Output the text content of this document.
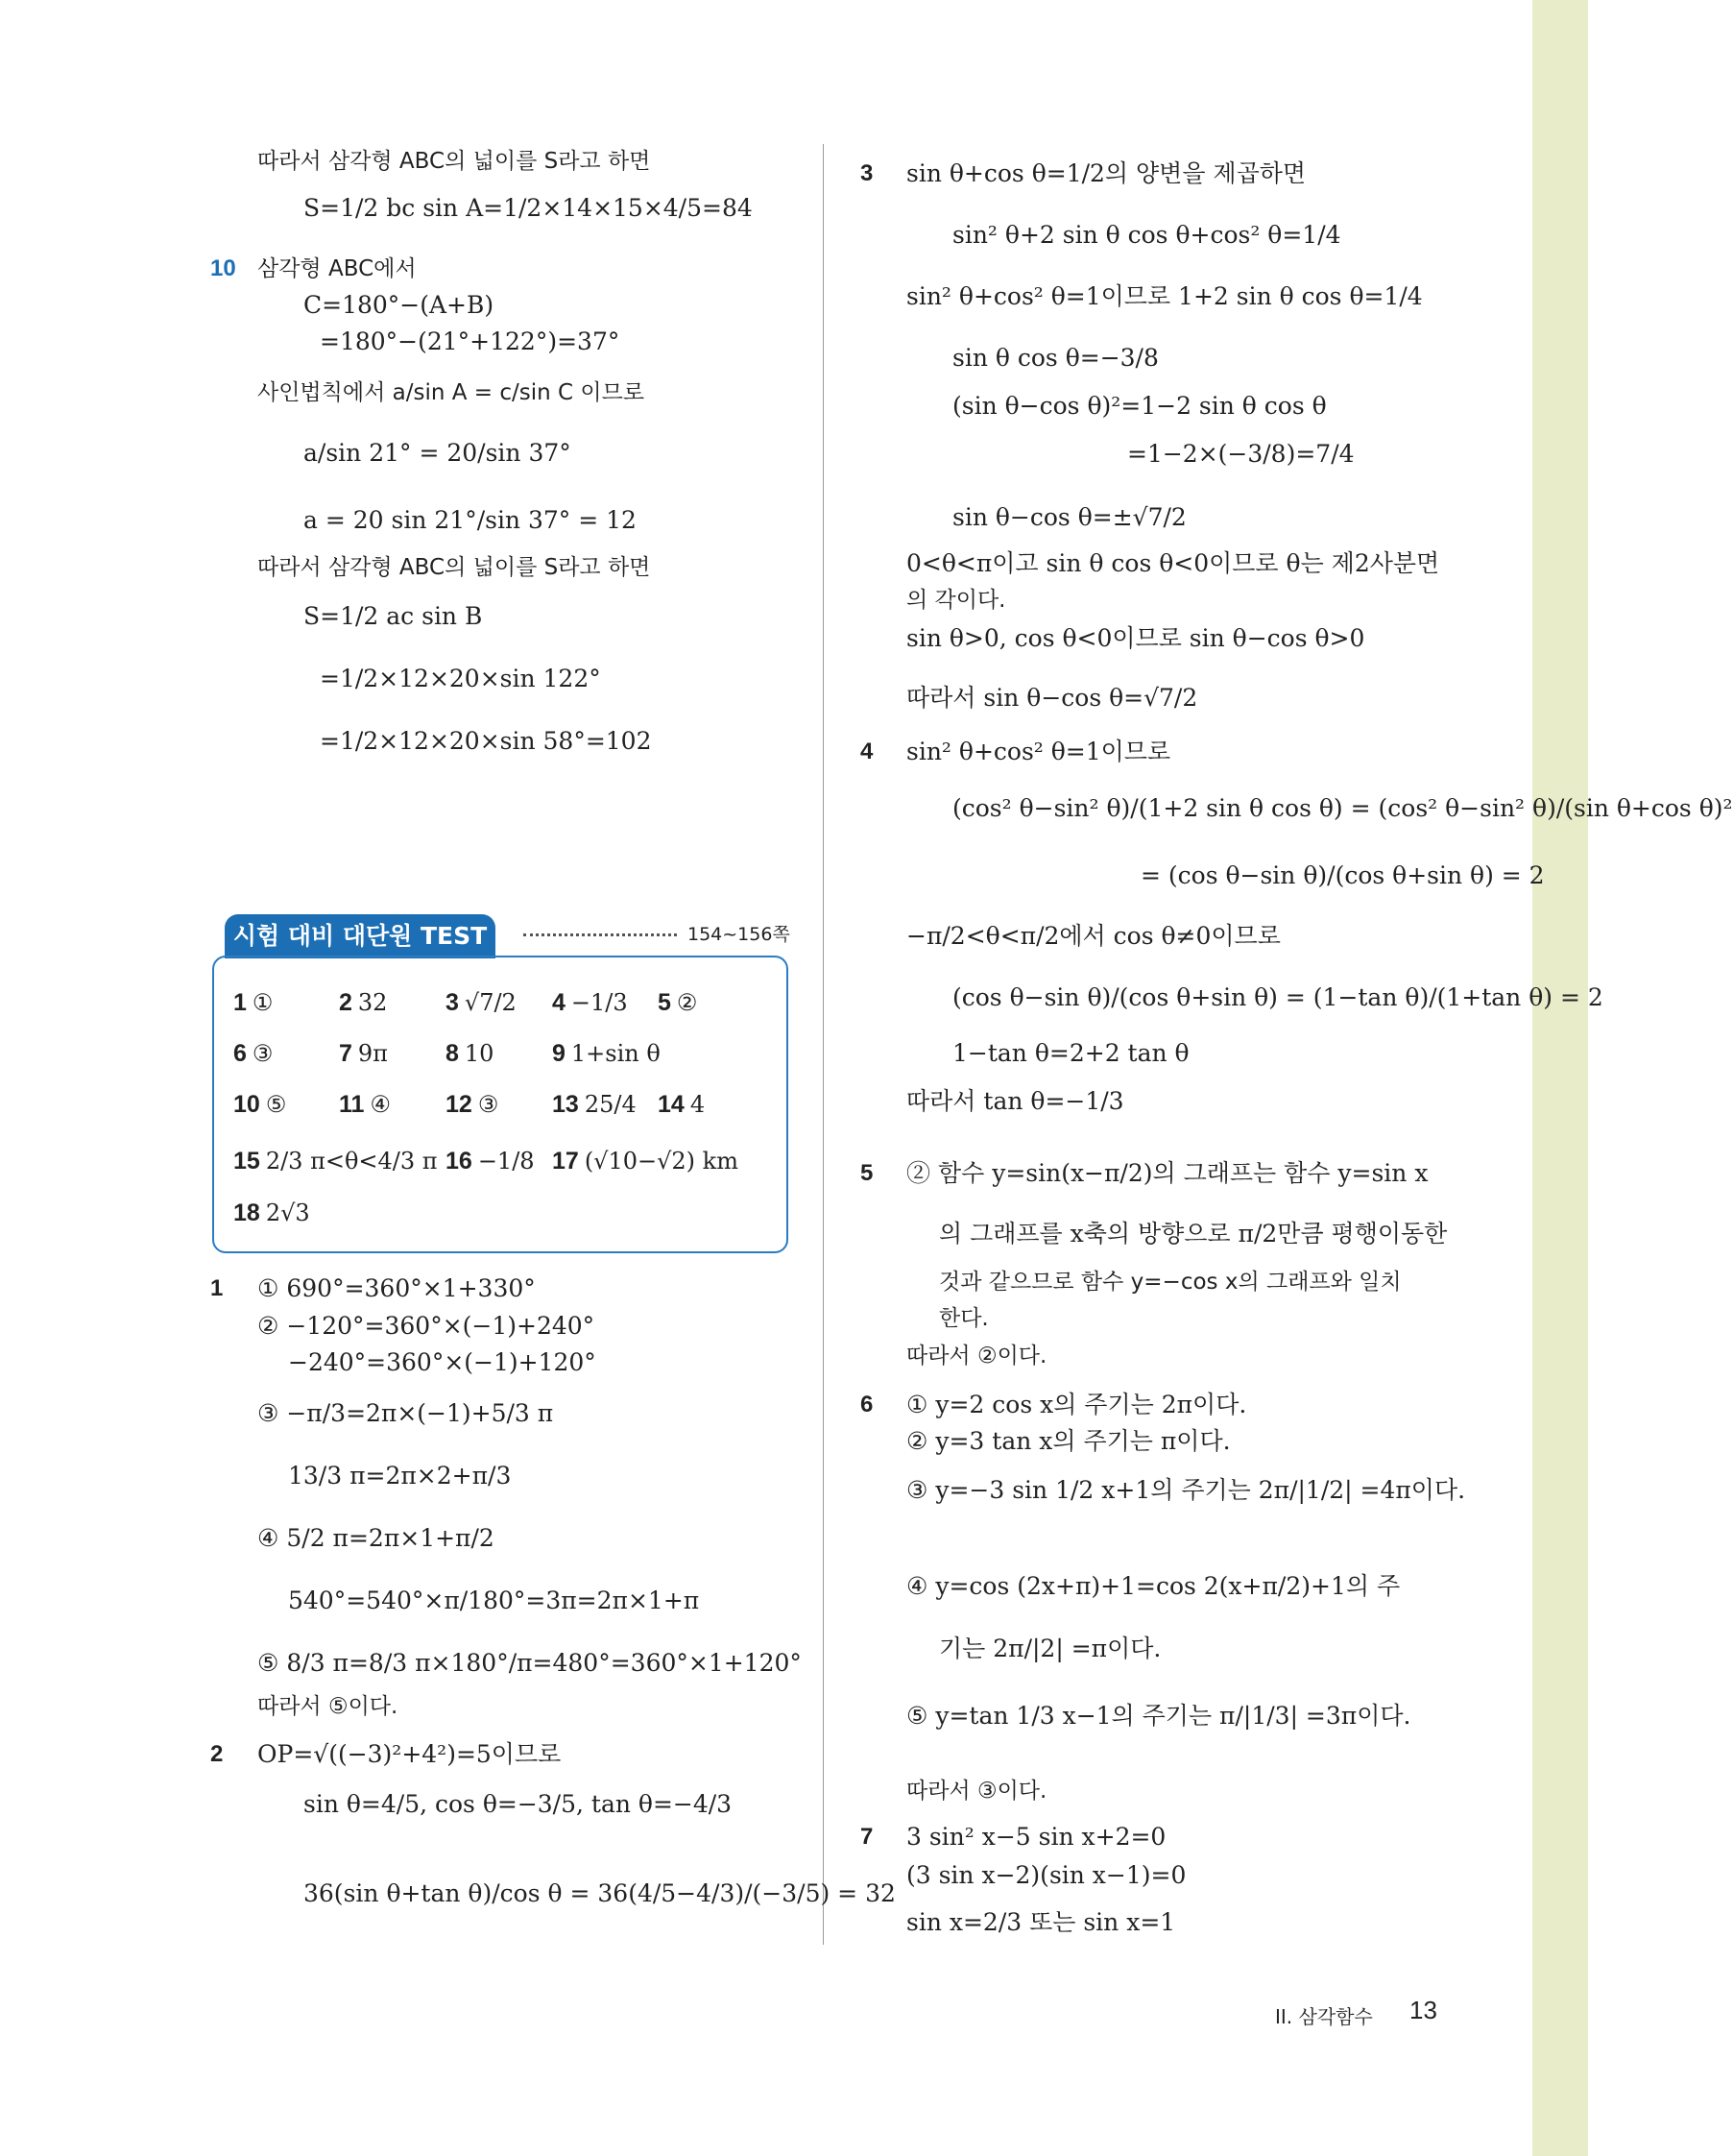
따라서 삼각형 ABC의 넓이를 S라고 하면
S=1/2 bc sin A=1/2×14×15×4/5=84
10 삼각형 ABC에서
C=180°−(A+B)
=180°−(21°+122°)=37°
사인법칙에서 a/sin A = c/sin C 이므로
a/sin 21° = 20/sin 37°
a = 20 sin 21°/sin 37° = 12
따라서 삼각형 ABC의 넓이를 S라고 하면
S=1/2 ac sin B
=1/2×12×20×sin 122°
=1/2×12×20×sin 58°=102
시험 대비 대단원 TEST	154~156쪽
1 ①	2 32 3 √7/2 4 −1/3 5 ②
6 ③	7 9π 8 10 9 1+sin θ
10 ⑤ 11 ④ 12 ③ 13 25/4 14 4
15 2/3 π<θ<4/3 π 16 −1/8 17 (√10−√2) km
18 2√3
1 ① 690°=360°×1+330°
② −120°=360°×(−1)+240°
−240°=360°×(−1)+120°
③ −π/3=2π×(−1)+5/3 π
13/3 π=2π×2+π/3
④ 5/2 π=2π×1+π/2
540°=540°×π/180°=3π=2π×1+π
⑤ 8/3 π=8/3 π×180°/π=480°=360°×1+120°
따라서 ⑤이다.
2 OP=√((−3)²+4²)=5이므로
sin θ=4/5, cos θ=−3/5, tan θ=−4/3
36(sin θ+tan θ)/cos θ = 36(4/5−4/3)/(−3/5) = 32
3 sin θ+cos θ=1/2의 양변을 제곱하면
sin² θ+2 sin θ cos θ+cos² θ=1/4
sin² θ+cos² θ=1이므로 1+2 sin θ cos θ=1/4
sin θ cos θ=−3/8
(sin θ−cos θ)²=1−2 sin θ cos θ
=1−2×(−3/8)=7/4
sin θ−cos θ=±√7/2
0<θ<π이고 sin θ cos θ<0이므로 θ는 제2사분면
의 각이다.
sin θ>0, cos θ<0이므로 sin θ−cos θ>0
따라서 sin θ−cos θ=√7/2
4 sin² θ+cos² θ=1이므로
(cos² θ−sin² θ)/(1+2 sin θ cos θ) = (cos² θ−sin² θ)/(sin θ+cos θ)²
= (cos θ−sin θ)/(cos θ+sin θ) = 2
−π/2<θ<π/2에서 cos θ≠0이므로
(cos θ−sin θ)/(cos θ+sin θ) = (1−tan θ)/(1+tan θ) = 2
1−tan θ=2+2 tan θ
따라서 tan θ=−1/3
5 ② 함수 y=sin(x−π/2)의 그래프는 함수 y=sin x
의 그래프를 x축의 방향으로 π/2만큼 평행이동한
것과 같으므로 함수 y=−cos x의 그래프와 일치
한다.
따라서 ②이다.
6 ① y=2 cos x의 주기는 2π이다.
② y=3 tan x의 주기는 π이다.
③ y=−3 sin 1/2 x+1의 주기는 2π/|1/2| =4π이다.
④ y=cos (2x+π)+1=cos 2(x+π/2)+1의 주
기는 2π/|2| =π이다.
⑤ y=tan 1/3 x−1의 주기는 π/|1/3| =3π이다.
따라서 ③이다.
7 3 sin² x−5 sin x+2=0
(3 sin x−2)(sin x−1)=0
sin x=2/3 또는 sin x=1
II. 삼각함수 13
